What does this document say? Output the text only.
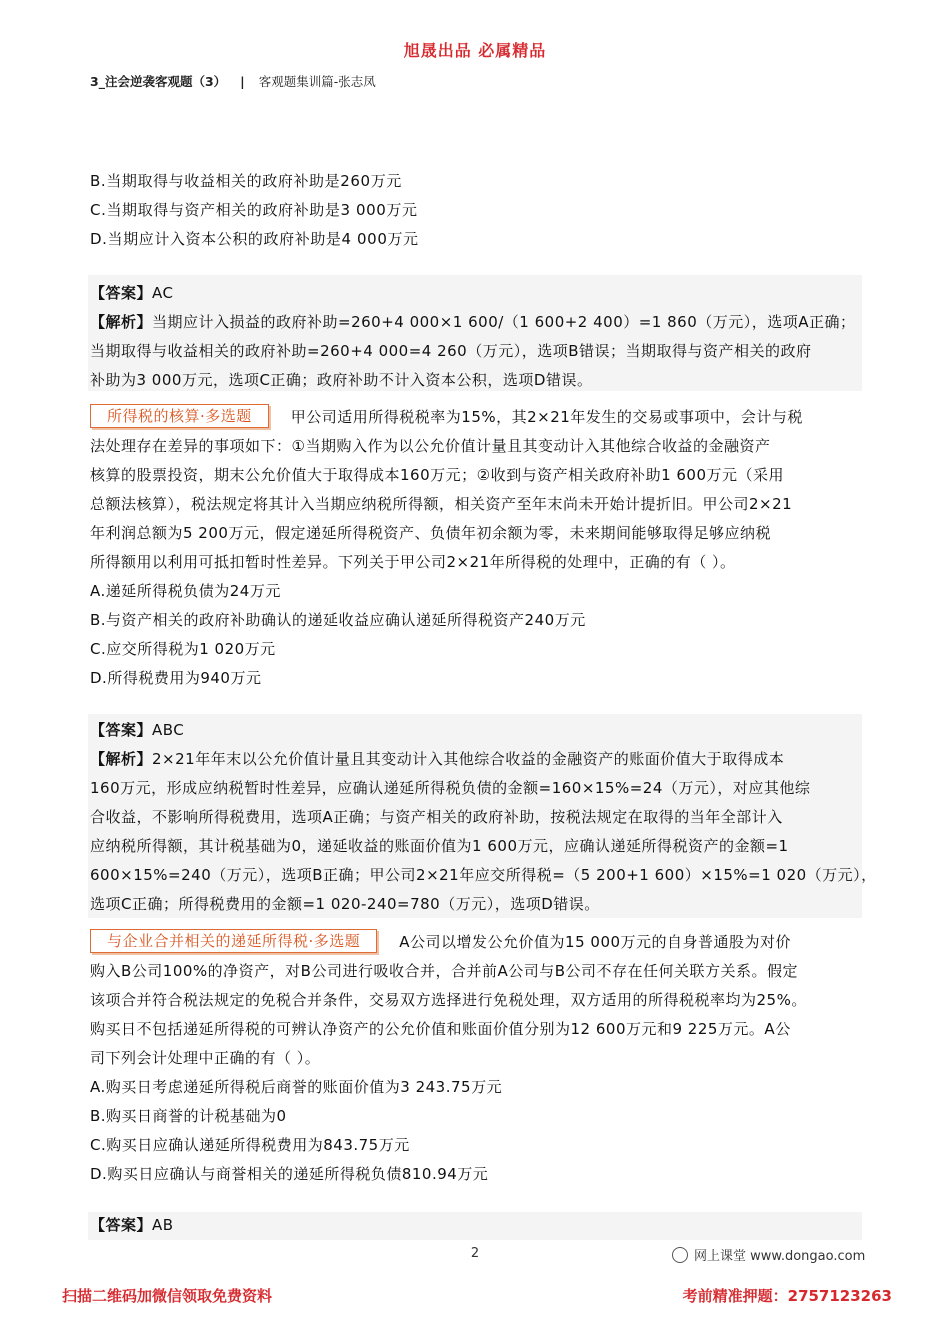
旭晟出品 必属精品
3_注会逆袭客观题（3） | 客观题集训篇-张志凤
B.当期取得与收益相关的政府补助是260万元
C.当期取得与资产相关的政府补助是3 000万元
D.当期应计入资本公积的政府补助是4 000万元
【答案】AC
【解析】当期应计入损益的政府补助=260+4 000×1 600/（1 600+2 400）=1 860（万元），选项A正确；
当期取得与收益相关的政府补助=260+4 000=4 260（万元），选项B错误；当期取得与资产相关的政府
补助为3 000万元，选项C正确；政府补助不计入资本公积，选项D错误。
所得税的核算·多选题	甲公司适用所得税税率为15%，其2×21年发生的交易或事项中，会计与税
法处理存在差异的事项如下：①当期购入作为以公允价值计量且其变动计入其他综合收益的金融资产
核算的股票投资，期末公允价值大于取得成本160万元；②收到与资产相关政府补助1 600万元（采用
总额法核算），税法规定将其计入当期应纳税所得额，相关资产至年末尚未开始计提折旧。甲公司2×21
年利润总额为5 200万元，假定递延所得税资产、负债年初余额为零，未来期间能够取得足够应纳税
所得额用以利用可抵扣暂时性差异。下列关于甲公司2×21年所得税的处理中，正确的有（ ）。
A.递延所得税负债为24万元
B.与资产相关的政府补助确认的递延收益应确认递延所得税资产240万元
C.应交所得税为1 020万元
D.所得税费用为940万元
【答案】ABC
【解析】2×21年年末以公允价值计量且其变动计入其他综合收益的金融资产的账面价值大于取得成本
160万元，形成应纳税暂时性差异，应确认递延所得税负债的金额=160×15%=24（万元），对应其他综
合收益，不影响所得税费用，选项A正确；与资产相关的政府补助，按税法规定在取得的当年全部计入
应纳税所得额，其计税基础为0，递延收益的账面价值为1 600万元，应确认递延所得税资产的金额=1
600×15%=240（万元），选项B正确；甲公司2×21年应交所得税=（5 200+1 600）×15%=1 020（万元），
选项C正确；所得税费用的金额=1 020-240=780（万元），选项D错误。
与企业合并相关的递延所得税·多选题	A公司以增发公允价值为15 000万元的自身普通股为对价
购入B公司100%的净资产，对B公司进行吸收合并，合并前A公司与B公司不存在任何关联方关系。假定
该项合并符合税法规定的免税合并条件，交易双方选择进行免税处理，双方适用的所得税税率均为25%。
购买日不包括递延所得税的可辨认净资产的公允价值和账面价值分别为12 600万元和9 225万元。A公
司下列会计处理中正确的有（ ）。
A.购买日考虑递延所得税后商誉的账面价值为3 243.75万元
B.购买日商誉的计税基础为0
C.购买日应确认递延所得税费用为843.75万元
D.购买日应确认与商誉相关的递延所得税负债810.94万元
【答案】AB
2	网上课堂 www.dongao.com
扫描二维码加微信领取免费资料	考前精准押题：2757123263
